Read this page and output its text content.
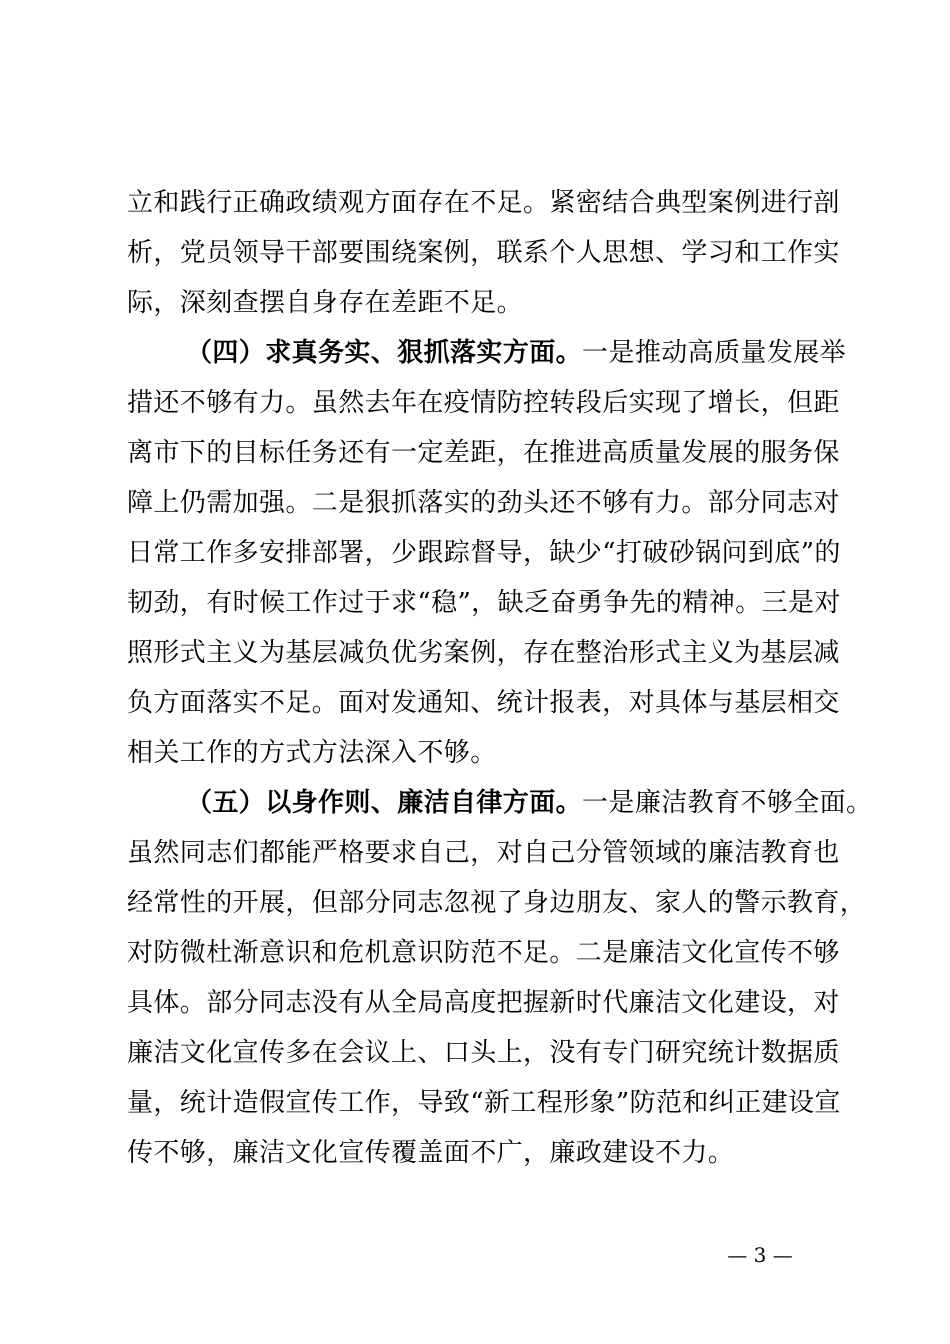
立和践行正确政绩观方面存在不足。紧密结合典型案例进行剖
析，党员领导干部要围绕案例，联系个人思想、学习和工作实
际，深刻查摆自身存在差距不足。
（四）求真务实、狠抓落实方面。一是推动高质量发展举
措还不够有力。虽然去年在疫情防控转段后实现了增长，但距
离市下的目标任务还有一定差距，在推进高质量发展的服务保
障上仍需加强。二是狠抓落实的劲头还不够有力。部分同志对
日常工作多安排部署，少跟踪督导，缺少“打破砂锅问到底”的
韧劲，有时候工作过于求“稳”，缺乏奋勇争先的精神。三是对
照形式主义为基层减负优劣案例，存在整治形式主义为基层减
负方面落实不足。面对发通知、统计报表，对具体与基层相交
相关工作的方式方法深入不够。
（五）以身作则、廉洁自律方面。一是廉洁教育不够全面。
虽然同志们都能严格要求自己，对自己分管领域的廉洁教育也
经常性的开展，但部分同志忽视了身边朋友、家人的警示教育，
对防微杜渐意识和危机意识防范不足。二是廉洁文化宣传不够
具体。部分同志没有从全局高度把握新时代廉洁文化建设，对
廉洁文化宣传多在会议上、口头上，没有专门研究统计数据质
量，统计造假宣传工作，导致“新工程形象”防范和纠正建设宣
传不够，廉洁文化宣传覆盖面不广，廉政建设不力。
— 3 —
